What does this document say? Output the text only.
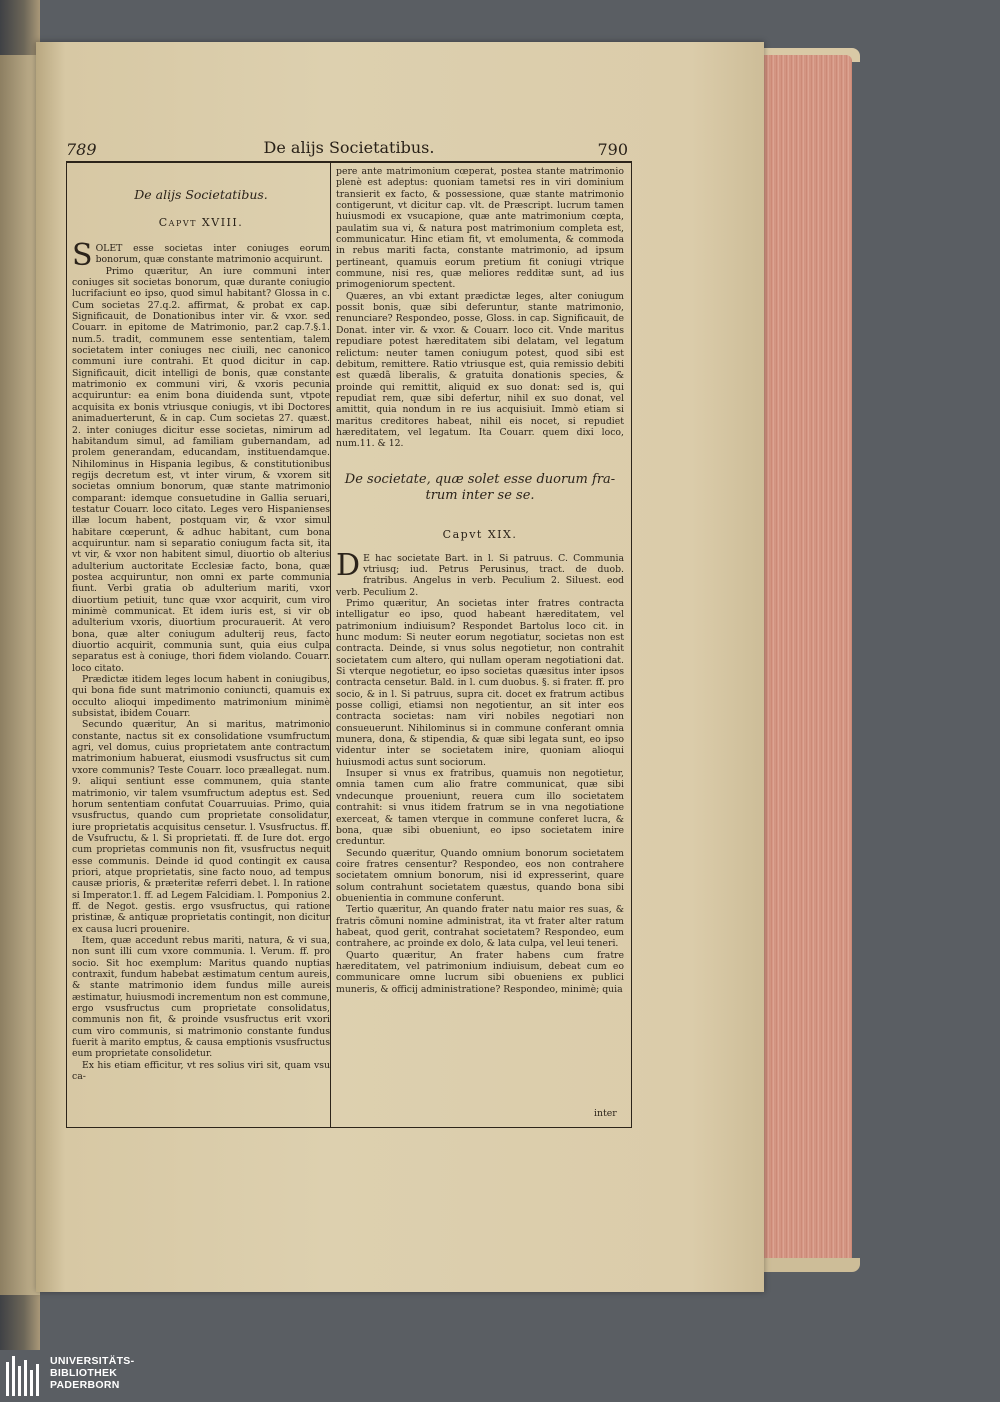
789	De alijs Societatibus.	790
De alijs Societatibus.
Capvt XVIII.

SOLET esse societas inter coniuges eorum bonorum, quæ constante matrimonio acquirunt.

Primo quæritur, An iure communi inter coniuges sit societas bonorum, quæ durante coniugio lucrifaciunt eo ipso, quod simul habitant? Glossa in c. Cum societas 27.q.2. affirmat, & probat ex cap. Significauit, de Donationibus inter vir. & vxor. sed Couarr. in epitome de Matrimonio, par.2 cap.7.§.1. num.5. tradit, communem esse sententiam, talem societatem inter coniuges nec ciuili, nec canonico communi iure contrahi. Et quod dicitur in cap. Significauit, dicit intelligi de bonis, quæ constante matrimonio ex communi viri, & vxoris pecunia acquiruntur: ea enim bona diuidenda sunt, vtpote acquisita ex bonis vtriusque coniugis, vt ibi Doctores animaduerterunt, & in cap. Cum societas 27. quæst. 2. inter coniuges dicitur esse societas, nimirum ad habitandum simul, ad familiam gubernandam, ad prolem generandam, educandam, instituendamque. Nihilominus in Hispania legibus, & constitutionibus regijs decretum est, vt inter virum, & vxorem sit societas omnium bonorum, quæ stante matrimonio comparant: idemque consuetudine in Gallia seruari, testatur Couarr. loco citato. Leges vero Hispanienses illæ locum habent, postquam vir, & vxor simul habitare cœperunt, & adhuc habitant, cum bona acquiruntur. nam si separatio coniugum facta sit, ita vt vir, & vxor non habitent simul, diuortio ob alterius adulterium auctoritate Ecclesiæ facto, bona, quæ postea acquiruntur, non omni ex parte communia fiunt. Verbi gratia ob adulterium mariti, vxor diuortium petiuit, tunc quæ vxor acquirit, cum viro minimè communicat. Et idem iuris est, si vir ob adulterium vxoris, diuortium procurauerit. At vero bona, quæ alter coniugum adulterij reus, facto diuortio acquirit, communia sunt, quia eius culpa separatus est à coniuge, thori fidem violando. Couarr. loco citato.

Prædictæ itidem leges locum habent in coniugibus, qui bona fide sunt matrimonio coniuncti, quamuis ex occulto alioqui impedimento matrimonium minimè subsistat, ibidem Couarr.

Secundo quæritur, An si maritus, matrimonio constante, nactus sit ex consolidatione vsumfructum agri, vel domus, cuius proprietatem ante contractum matrimonium habuerat, eiusmodi vsusfructus sit cum vxore communis? Teste Couarr. loco præallegat. num. 9. aliqui sentiunt esse communem, quia stante matrimonio, vir talem vsumfructum adeptus est. Sed horum sententiam confutat Couarruuias. Primo, quia vsusfructus, quando cum proprietate consolidatur, iure proprietatis acquisitus censetur. l. Vsusfructus. ff. de Vsufructu, & l. Si proprietati. ff. de Iure dot. ergo cum proprietas communis non fit, vsusfructus nequit esse communis. Deinde id quod contingit ex causa priori, atque proprietatis, sine facto nouo, ad tempus causæ prioris, & præteritæ referri debet. l. In ratione si Imperator.1. ff. ad Legem Falcidiam. l. Pomponius 2. ff. de Negot. gestis. ergo vsusfructus, qui ratione pristinæ, & antiquæ proprietatis contingit, non dicitur ex causa lucri prouenire.

Item, quæ accedunt rebus mariti, natura, & vi sua, non sunt illi cum vxore communia. l. Verum. ff. pro socio. Sit hoc exemplum: Maritus quando nuptias contraxit, fundum habebat æstimatum centum aureis, & stante matrimonio idem fundus mille aureis æstimatur, huiusmodi incrementum non est commune, ergo vsusfructus cum proprietate consolidatus, communis non fit, & proinde vsusfructus erit vxori cum viro communis, si matrimonio constante fundus fuerit à marito emptus, & causa emptionis vsusfructus eum proprietate consolidetur.

Ex his etiam efficitur, vt res solius viri sit, quam vsu ca-

pere ante matrimonium cœperat, postea stante matrimonio plenè est adeptus: quoniam tametsi res in viri dominium transierit ex facto, & possessione, quæ stante matrimonio contigerunt, vt dicitur cap. vlt. de Præscript. lucrum tamen huiusmodi ex vsucapione, quæ ante matrimonium cœpta, paulatim sua vi, & natura post matrimonium completa est, communicatur. Hinc etiam fit, vt emolumenta, & commoda in rebus mariti facta, constante matrimonio, ad ipsum pertineant, quamuis eorum pretium fit coniugi vtrique commune, nisi res, quæ meliores redditæ sunt, ad ius primogeniorum spectent.

Quæres, an vbi extant prædictæ leges, alter coniugum possit bonis, quæ sibi deferuntur, stante matrimonio, renunciare? Respondeo, posse, Gloss. in cap. Significauit, de Donat. inter vir. & vxor. & Couarr. loco cit. Vnde maritus repudiare potest hæreditatem sibi delatam, vel legatum relictum: neuter tamen coniugum potest, quod sibi est debitum, remittere. Ratio vtriusque est, quia remissio debiti est quædã liberalis, & gratuita donationis species, & proinde qui remittit, aliquid ex suo donat: sed is, qui repudiat rem, quæ sibi defertur, nihil ex suo donat, vel amittit, quia nondum in re ius acquisiuit. Immò etiam si maritus creditores habeat, nihil eis nocet, si repudiet hæreditatem, vel legatum. Ita Couarr. quem dixi loco, num.11. & 12.

De societate, quæ solet esse duorum fra-
trum inter se se.
Capvt XIX.

D E hac societate Bart. in l. Si patruus. C. Communia vtriusq; iud. Petrus Perusinus, tract. de duob. fratribus. Angelus in verb. Peculium 2. Siluest. eod verb. Peculium 2.

Primo quæritur, An societas inter fratres contracta intelligatur eo ipso, quod habeant hæreditatem, vel patrimonium indiuisum? Respondet Bartolus loco cit. in hunc modum: Si neuter eorum negotiatur, societas non est contracta. Deinde, si vnus solus negotietur, non contrahit societatem cum altero, qui nullam operam negotiationi dat. Si vterque negotietur, eo ipso societas quæsitus inter ipsos contracta censetur. Bald. in l. cum duobus. §. si frater. ff. pro socio, & in l. Si patruus, supra cit. docet ex fratrum actibus posse colligi, etiamsi non negotientur, an sit inter eos contracta societas: nam viri nobiles negotiari non consueuerunt. Nihilominus si in commune conferant omnia munera, dona, & stipendia, & quæ sibi legata sunt, eo ipso videntur inter se societatem inire, quoniam alioqui huiusmodi actus sunt sociorum.

Insuper si vnus ex fratribus, quamuis non negotietur, omnia tamen cum alio fratre communicat, quæ sibi vndecunque proueniunt, reuera cum illo societatem contrahit: si vnus itidem fratrum se in vna negotiatione exerceat, & tamen vterque in commune conferet lucra, & bona, quæ sibi obueniunt, eo ipso societatem inire creduntur.

Secundo quæritur, Quando omnium bonorum societatem coire fratres censentur? Respondeo, eos non contrahere societatem omnium bonorum, nisi id expresserint, quare solum contrahunt societatem quæstus, quando bona sibi obuenientia in commune conferunt.

Tertio quæritur, An quando frater natu maior res suas, & fratris cõmuni nomine administrat, ita vt frater alter ratum habeat, quod gerit, contrahat societatem? Respondeo, eum contrahere, ac proinde ex dolo, & lata culpa, vel leui teneri.

Quarto quæritur, An frater habens cum fratre hæreditatem, vel patrimonium indiuisum, debeat cum eo communicare omne lucrum sibi obueniens ex publici muneris, & officij administratione? Respondeo, minimè; quia

inter
UNIVERSITÄTS-
BIBLIOTHEK
PADERBORN
